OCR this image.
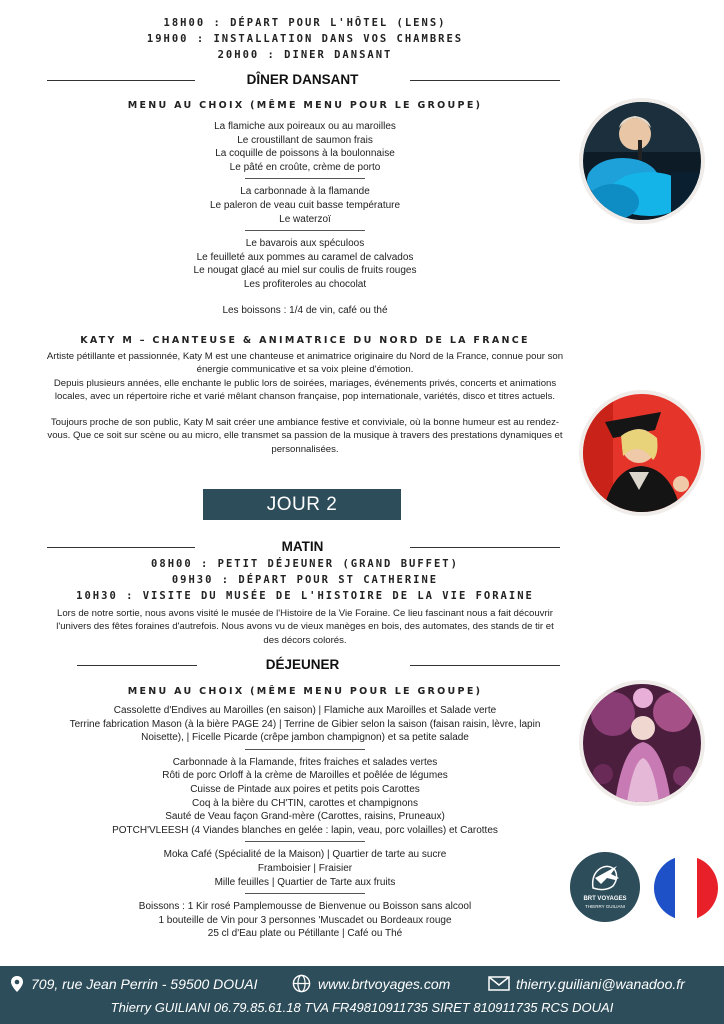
18H00 : DÉPART POUR L'HÔTEL (LENS)
19H00 : INSTALLATION DANS VOS CHAMBRES
20H00 : DINER DANSANT
DÎNER DANSANT
MENU AU CHOIX (MÊME MENU POUR LE GROUPE)
La flamiche aux poireaux ou au maroilles
Le croustillant de saumon frais
La coquille de poissons à la boulonnaise
Le pâté en croûte, crème de porto
La carbonnade à la flamande
Le paleron de veau cuit basse température
Le waterzoï
Le bavarois aux spéculoos
Le feuilleté aux pommes au caramel de calvados
Le nougat glacé au miel sur coulis de fruits rouges
Les profiteroles au chocolat
Les boissons : 1/4 de vin, café ou thé
KATY M – CHANTEUSE & ANIMATRICE DU NORD DE LA FRANCE
Artiste pétillante et passionnée, Katy M est une chanteuse et animatrice originaire du Nord de la France, connue pour son énergie communicative et sa voix pleine d'émotion.
Depuis plusieurs années, elle enchante le public lors de soirées, mariages, événements privés, concerts et animations locales, avec un répertoire riche et varié mêlant chanson française, pop internationale, variétés, disco et titres actuels.
Toujours proche de son public, Katy M sait créer une ambiance festive et conviviale, où la bonne humeur est au rendez-vous. Que ce soit sur scène ou au micro, elle transmet sa passion de la musique à travers des prestations dynamiques et personnalisées.
JOUR 2
MATIN
08H00 : PETIT DÉJEUNER (GRAND BUFFET)
09H30 : DÉPART POUR ST CATHERINE
10H30 : VISITE DU MUSÉE DE L'HISTOIRE DE LA VIE FORAINE
Lors de notre sortie, nous avons visité le musée de l'Histoire de la Vie Foraine. Ce lieu fascinant nous a fait découvrir l'univers des fêtes foraines d'autrefois. Nous avons vu de vieux manèges en bois, des automates, des stands de tir et des décors colorés.
DÉJEUNER
MENU AU CHOIX (MÊME MENU POUR LE GROUPE)
Cassolette d'Endives au Maroilles (en saison) | Flamiche aux Maroilles et Salade verte
Terrine fabrication Mason (à la bière PAGE 24) | Terrine de Gibier selon la saison (faisan raisin, lèvre, lapin Noisette), | Ficelle Picarde (crêpe jambon champignon) et sa petite salade
Carbonnade à la Flamande, frites fraiches et salades vertes
Rôti de porc Orloff à la crème de Maroilles et poêlée de légumes
Cuisse de Pintade aux poires et petits pois Carottes
Coq à la bière du CH'TIN, carottes et champignons
Sauté de Veau façon Grand-mère (Carottes, raisins, Pruneaux)
POTCH'VLEESH (4 Viandes blanches en gelée : lapin, veau, porc volailles) et Carottes
Moka Café (Spécialité de la Maison) | Quartier de tarte au sucre
Framboisier | Fraisier
Mille feuilles | Quartier de Tarte aux fruits
Boissons : 1 Kir rosé Pamplemousse de Bienvenue ou Boisson sans alcool
1 bouteille de Vin pour 3 personnes 'Muscadet ou Bordeaux rouge
25 cl d'Eau plate ou Pétillante | Café ou Thé
BRT VOYAGES
THIERRY GUILIANI
709, rue Jean Perrin - 59500 DOUAI	www.brtvoyages.com	thierry.guiliani@wanadoo.fr
Thierry GUILIANI 06.79.85.61.18 TVA FR49810911735 SIRET 810911735 RCS DOUAI
